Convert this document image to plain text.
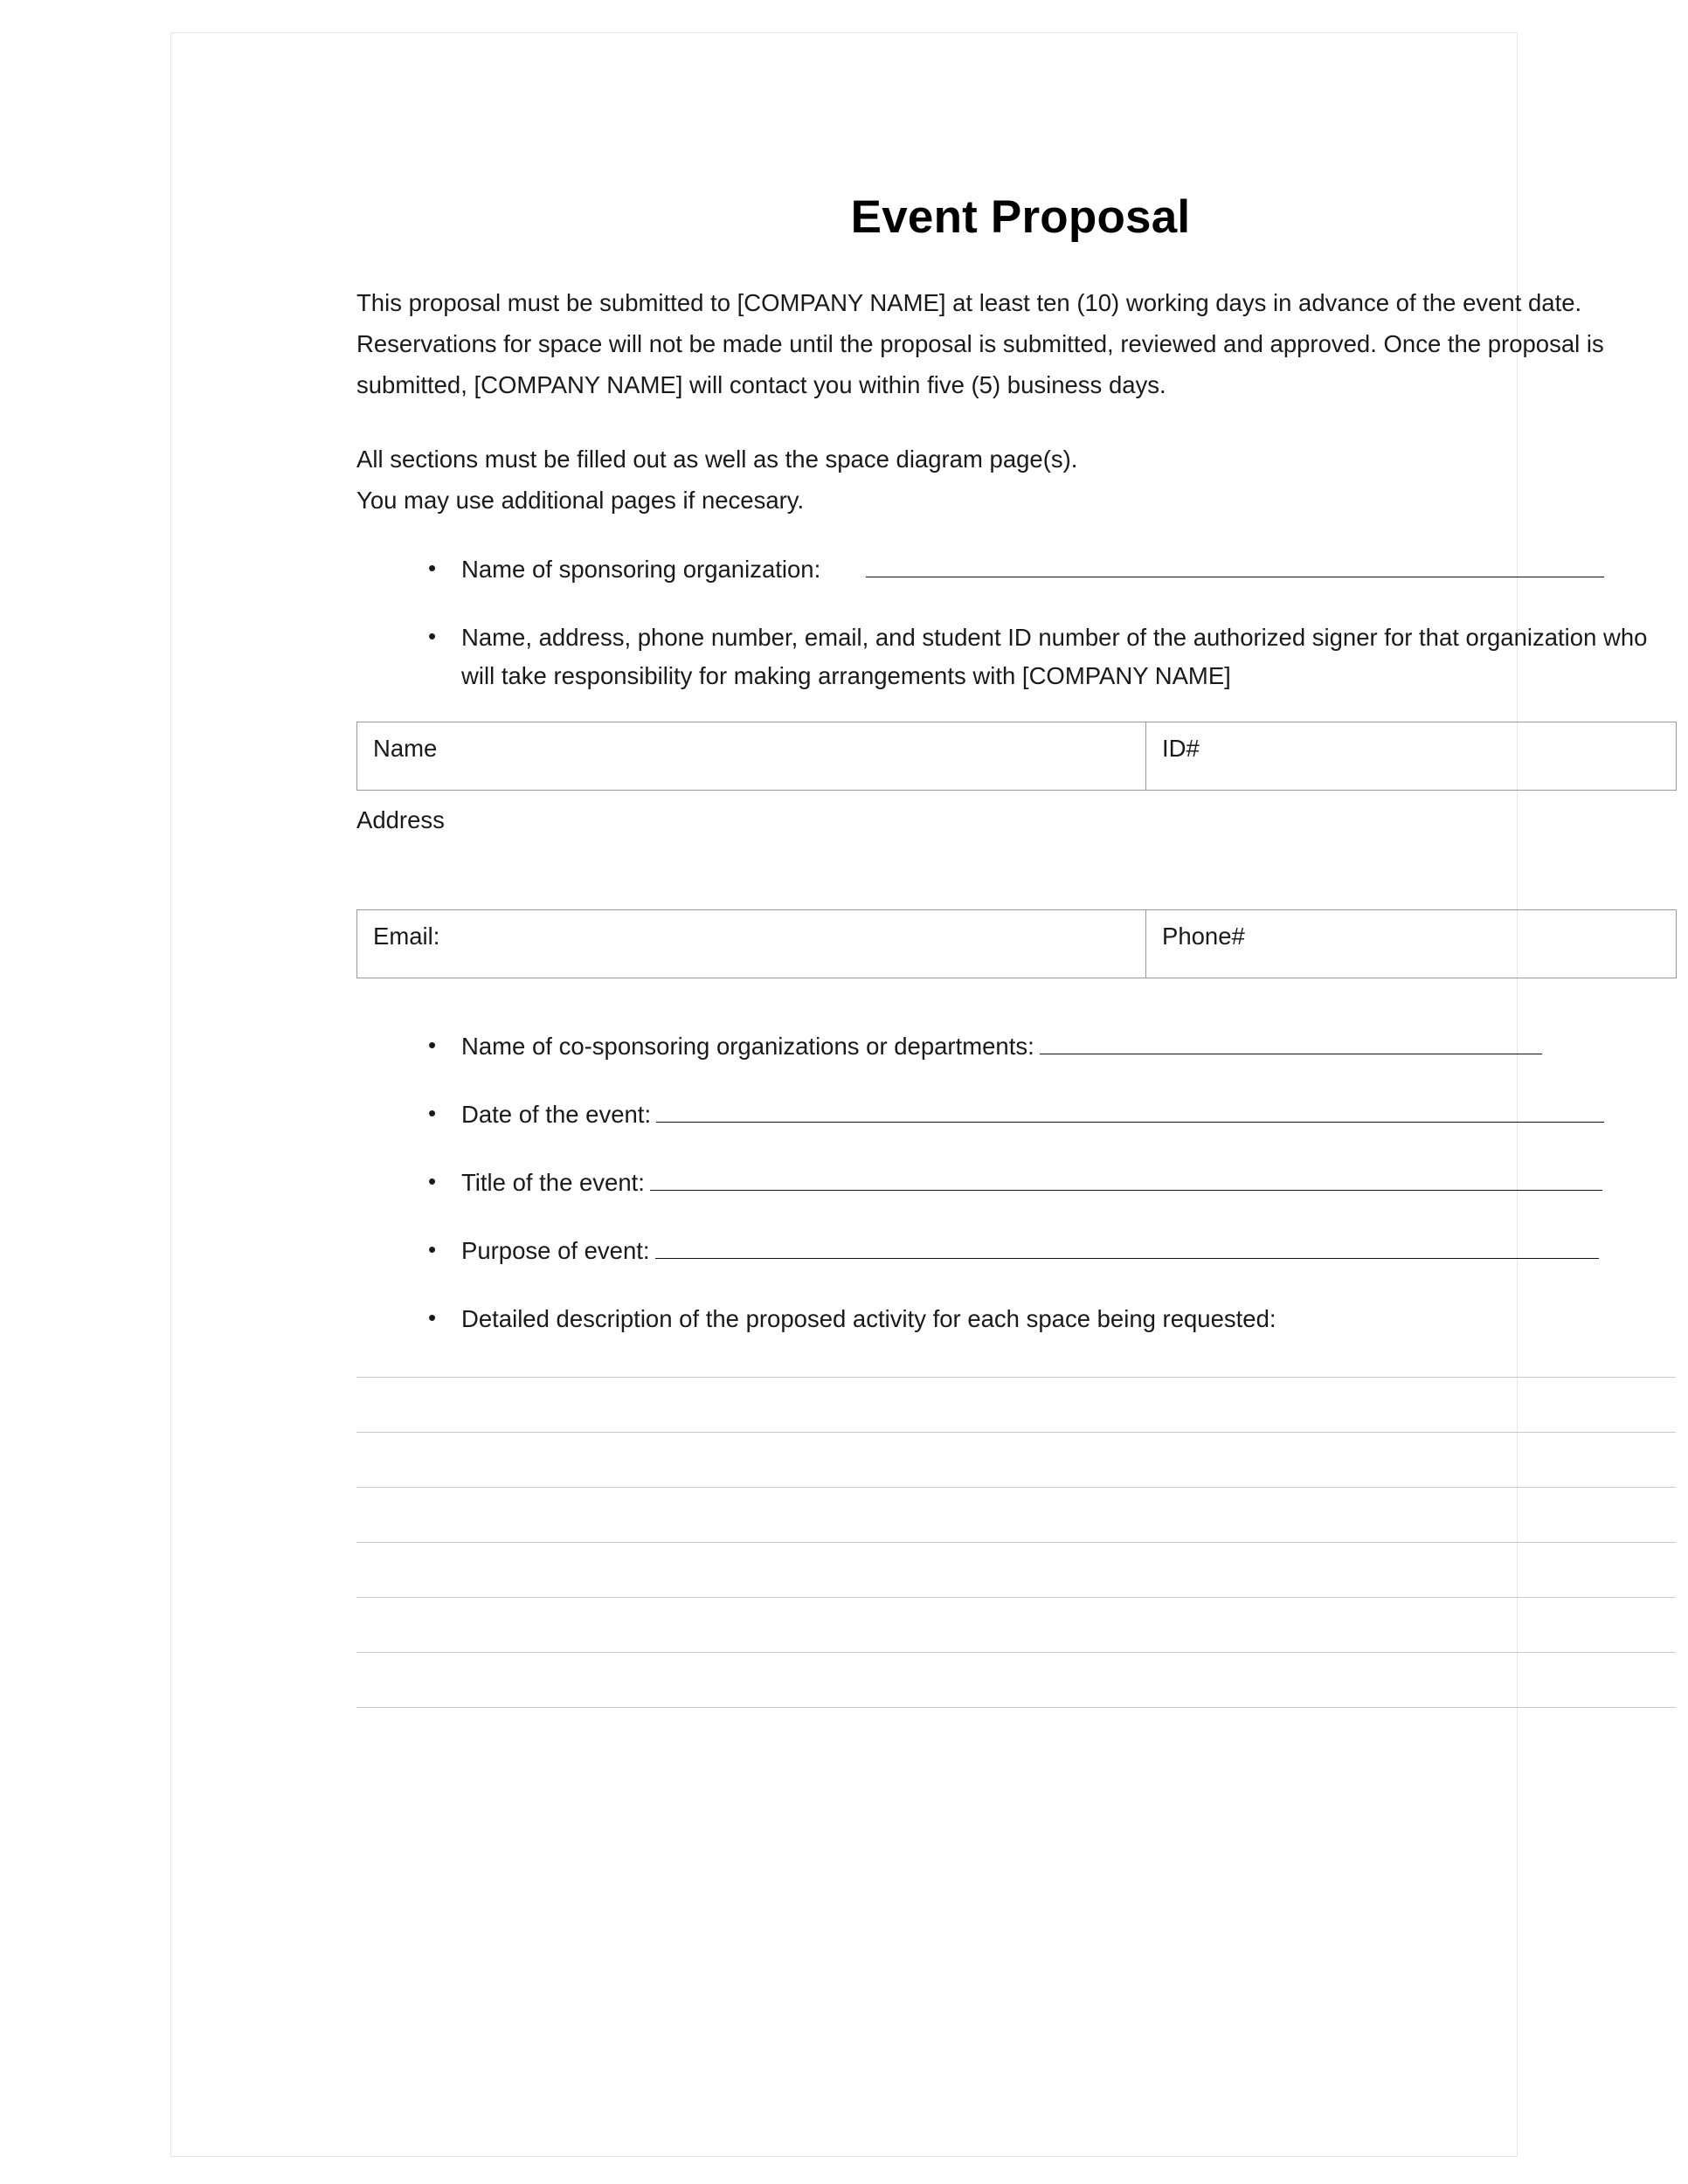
Event Proposal

This proposal must be submitted to [COMPANY NAME] at least ten (10) working days in advance of the event date. Reservations for space will not be made until the proposal is submitted, reviewed and approved. Once the proposal is submitted, [COMPANY NAME] will contact you within five (5) business days.

All sections must be filled out as well as the space diagram page(s).
You may use additional pages if necesary.
• Name of sponsoring organization:
• Name, address, phone number, email, and student ID number of the authorized signer for that organization who will take responsibility for making arrangements with [COMPANY NAME]
Name	ID#
Address
Email:	Phone#
• Name of co-sponsoring organizations or departments:
• Date of the event:
• Title of the event:
• Purpose of event:
• Detailed description of the proposed activity for each space being requested:
